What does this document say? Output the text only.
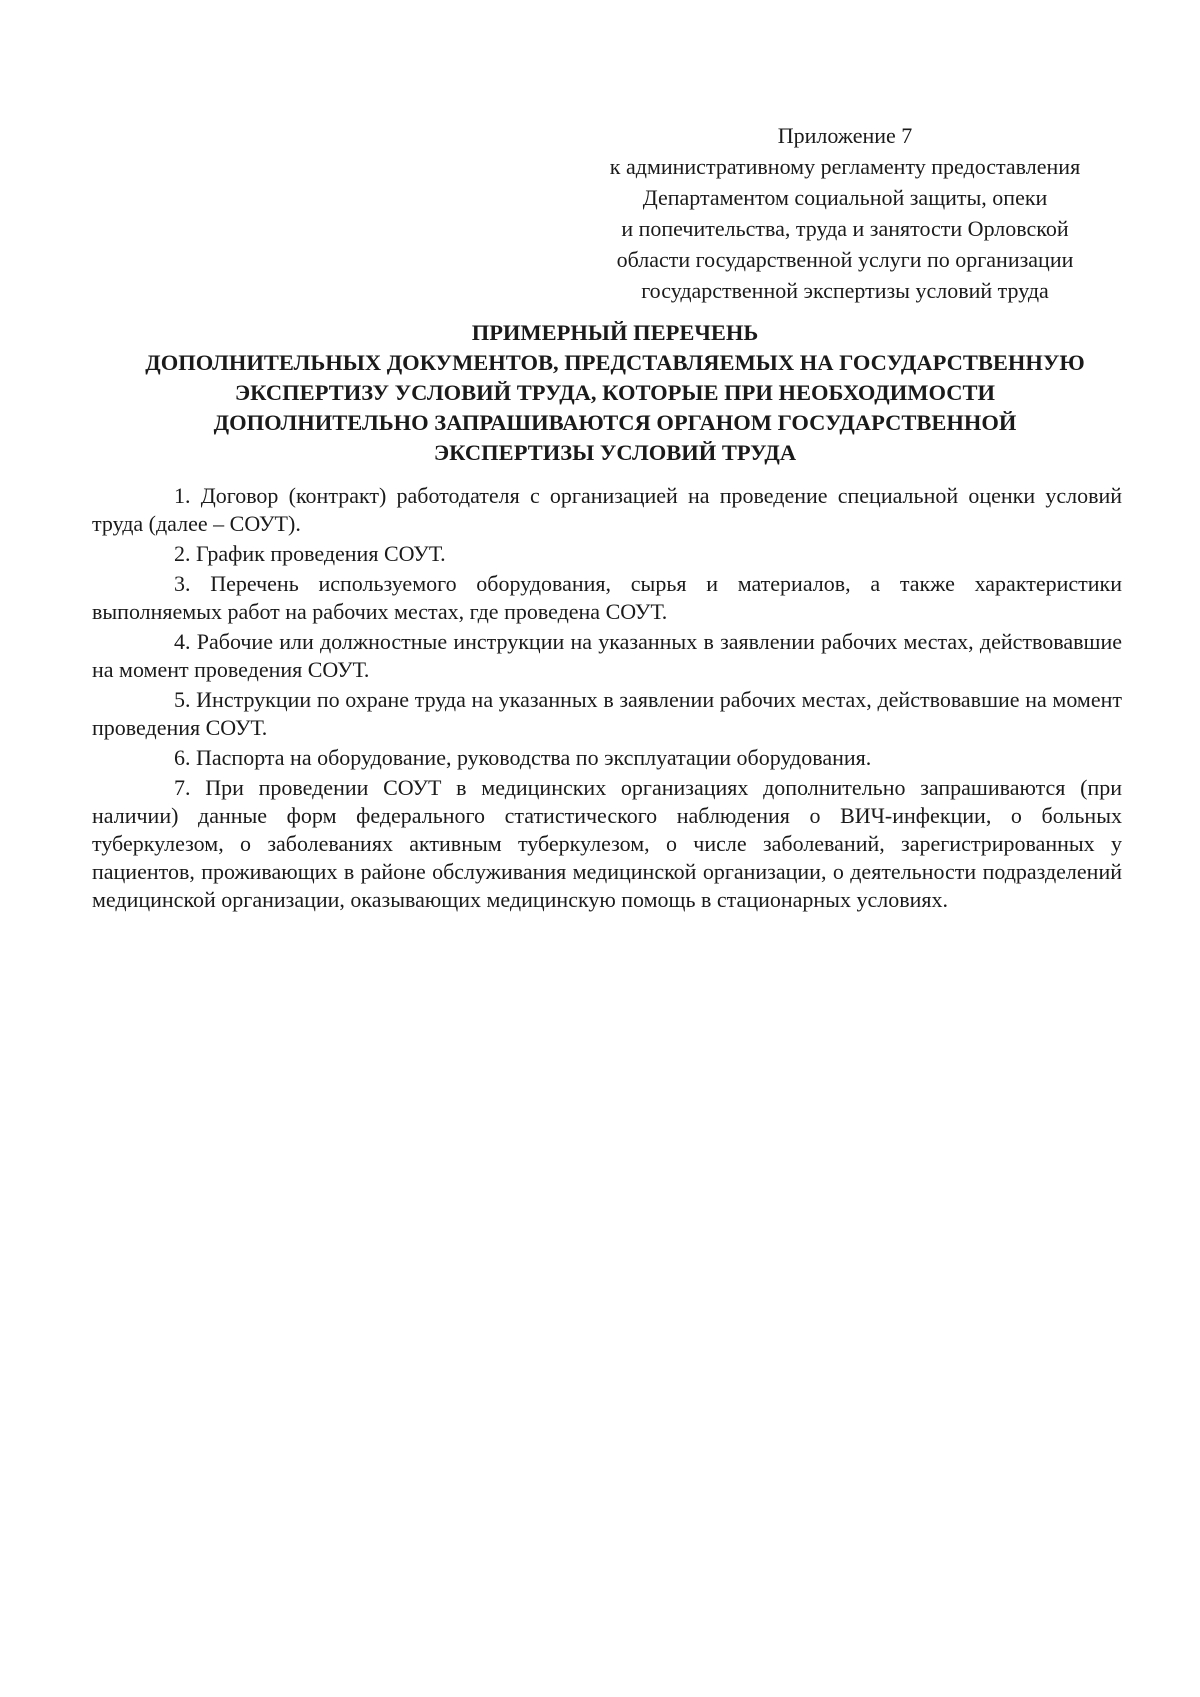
Приложение 7
к административному регламенту предоставления
Департаментом социальной защиты, опеки
и попечительства, труда и занятости Орловской
области государственной услуги по организации
государственной экспертизы условий труда
ПРИМЕРНЫЙ ПЕРЕЧЕНЬ
ДОПОЛНИТЕЛЬНЫХ ДОКУМЕНТОВ, ПРЕДСТАВЛЯЕМЫХ НА ГОСУДАРСТВЕННУЮ
ЭКСПЕРТИЗУ УСЛОВИЙ ТРУДА, КОТОРЫЕ ПРИ НЕОБХОДИМОСТИ
ДОПОЛНИТЕЛЬНО ЗАПРАШИВАЮТСЯ ОРГАНОМ ГОСУДАРСТВЕННОЙ
ЭКСПЕРТИЗЫ УСЛОВИЙ ТРУДА

1. Договор (контракт) работодателя с организацией на проведение специальной оценки условий труда (далее – СОУТ).

2. График проведения СОУТ.

3. Перечень используемого оборудования, сырья и материалов, а также характеристики выполняемых работ на рабочих местах, где проведена СОУТ.

4. Рабочие или должностные инструкции на указанных в заявлении рабочих местах, действовавшие на момент проведения СОУТ.

5. Инструкции по охране труда на указанных в заявлении рабочих местах, действовавшие на момент проведения СОУТ.

6. Паспорта на оборудование, руководства по эксплуатации оборудования.

7. При проведении СОУТ в медицинских организациях дополнительно запрашиваются (при наличии) данные форм федерального статистического наблюдения о ВИЧ-инфекции, о больных туберкулезом, о заболеваниях активным туберкулезом, о числе заболеваний, зарегистрированных у пациентов, проживающих в районе обслуживания медицинской организации, о деятельности подразделений медицинской организации, оказывающих медицинскую помощь в стационарных условиях.
